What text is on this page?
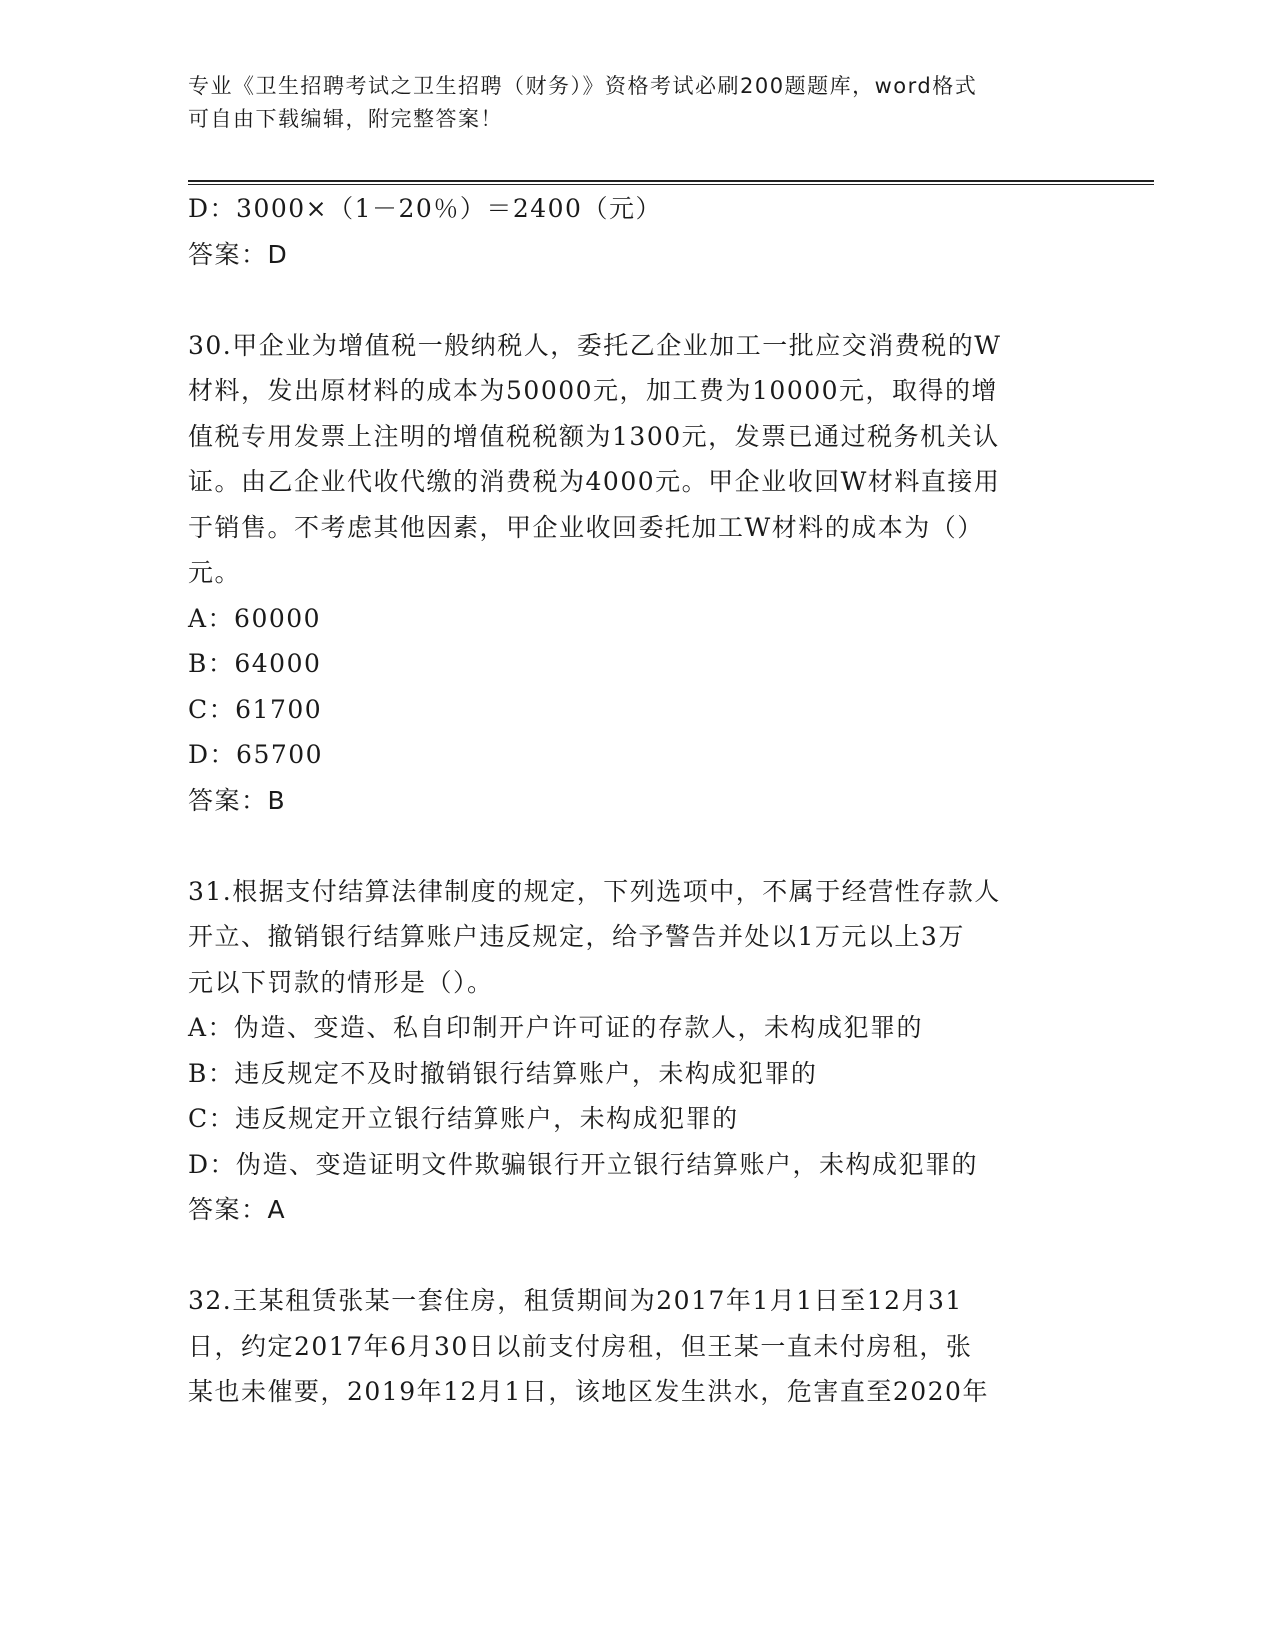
专业《卫生招聘考试之卫生招聘（财务）》资格考试必刷200题题库，word格式
可自由下载编辑，附完整答案！
D：3000×（1－20％）＝2400（元）
答案：D
30.甲企业为增值税一般纳税人，委托乙企业加工一批应交消费税的W
材料，发出原材料的成本为50000元，加工费为10000元，取得的增
值税专用发票上注明的增值税税额为1300元，发票已通过税务机关认
证。由乙企业代收代缴的消费税为4000元。甲企业收回W材料直接用
于销售。不考虑其他因素，甲企业收回委托加工W材料的成本为（）
元。
A：60000
B：64000
C：61700
D：65700
答案：B
31.根据支付结算法律制度的规定，下列选项中，不属于经营性存款人
开立、撤销银行结算账户违反规定，给予警告并处以1万元以上3万
元以下罚款的情形是（）。
A：伪造、变造、私自印制开户许可证的存款人，未构成犯罪的
B：违反规定不及时撤销银行结算账户，未构成犯罪的
C：违反规定开立银行结算账户，未构成犯罪的
D：伪造、变造证明文件欺骗银行开立银行结算账户，未构成犯罪的
答案：A
32.王某租赁张某一套住房，租赁期间为2017年1月1日至12月31
日，约定2017年6月30日以前支付房租，但王某一直未付房租，张
某也未催要，2019年12月1日，该地区发生洪水，危害直至2020年
